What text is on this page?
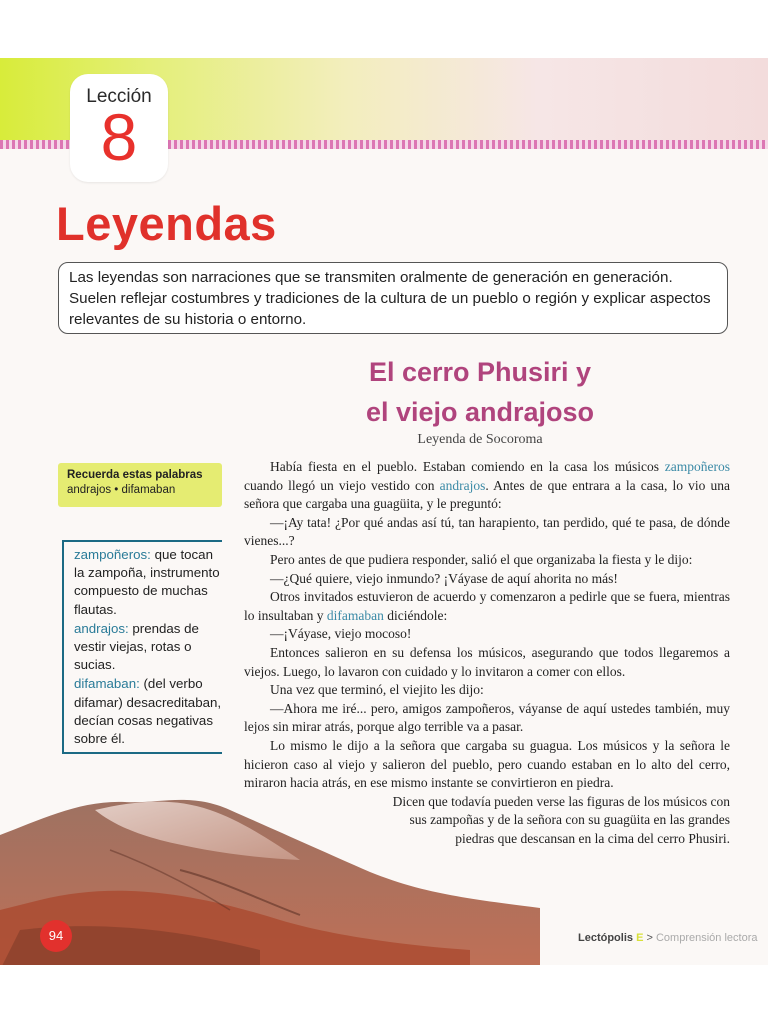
Lección
8
Leyendas
Las leyendas son narraciones que se transmiten oralmente de generación en generación. Suelen reflejar costumbres y tradiciones de la cultura de un pueblo o región y explicar aspectos relevantes de su historia o entorno.
El cerro Phusiri y
el viejo andrajoso
Leyenda de Socoroma
Recuerda estas palabras
andrajos • difamaban

zampoñeros: que tocan la zampoña, instrumento compuesto de muchas flautas.

andrajos: prendas de vestir viejas, rotas o sucias.

difamaban: (del verbo difamar) desacreditaban, decían cosas negativas sobre él.

Había fiesta en el pueblo. Estaban comiendo en la casa los músicos zampoñeros cuando llegó un viejo vestido con andrajos. Antes de que entrara a la casa, lo vio una señora que cargaba una guagüita, y le preguntó:

—¡Ay tata! ¿Por qué andas así tú, tan harapiento, tan perdido, qué te pasa, de dónde vienes...?

Pero antes de que pudiera responder, salió el que organizaba la fiesta y le dijo:

—¿Qué quiere, viejo inmundo? ¡Váyase de aquí ahorita no más!

Otros invitados estuvieron de acuerdo y comenzaron a pedirle que se fuera, mientras lo insultaban y difamaban diciéndole:

—¡Váyase, viejo mocoso!

Entonces salieron en su defensa los músicos, asegurando que todos llegaremos a viejos. Luego, lo lavaron con cuidado y lo invitaron a comer con ellos.

Una vez que terminó, el viejito les dijo:

—Ahora me iré... pero, amigos zampoñeros, váyanse de aquí ustedes también, muy lejos sin mirar atrás, porque algo terrible va a pasar.

Lo mismo le dijo a la señora que cargaba su guagua. Los músicos y la señora le hicieron caso al viejo y salieron del pueblo, pero cuando estaban en lo alto del cerro, miraron hacia atrás, en ese mismo instante se convirtieron en piedra.

Dicen que todavía pueden verse las figuras de los músicos con sus zampoñas y de la señora con su guagüita en las grandes piedras que descansan en la cima del cerro Phusiri.

94	Lectópolis E > Comprensión lectora
